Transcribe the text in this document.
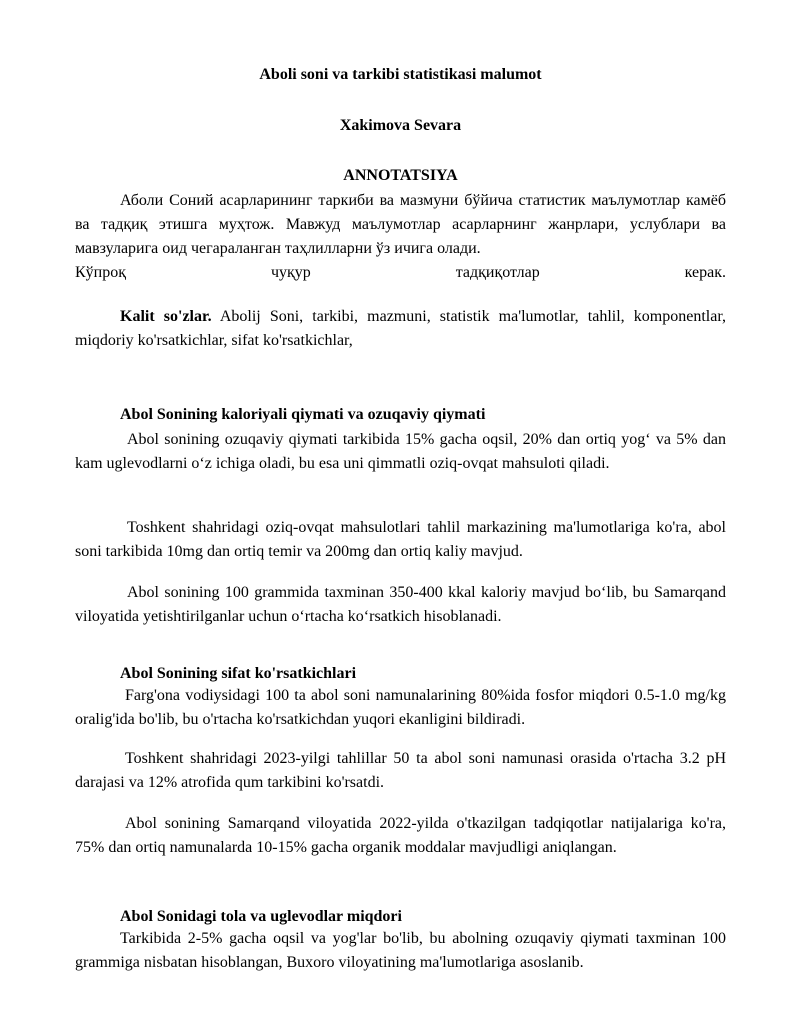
Aboli soni va tarkibi statistikasi malumot
Xakimova Sevara
ANNOTATSIYA

Аболи Соний асарларининг таркиби ва мазмуни бўйича статистик маълумотлар камёб ва тадқиқ этишга муҳтож. Мавжуд маълумотлар асарларнинг жанрлари, услублари ва мавзуларига оид чегараланган таҳлилларни ўз ичига олади.

Кўпроқ чуқур тадқиқотлар керак.

Kalit so'zlar. Abolij Soni, tarkibi, mazmuni, statistik ma'lumotlar, tahlil, komponentlar, miqdoriy ko'rsatkichlar, sifat ko'rsatkichlar,

Abol Sonining kaloriyali qiymati va ozuqaviy qiymati

Abol sonining ozuqaviy qiymati tarkibida 15% gacha oqsil, 20% dan ortiq yogʻ va 5% dan kam uglevodlarni oʻz ichiga oladi, bu esa uni qimmatli oziq-ovqat mahsuloti qiladi.

Toshkent shahridagi oziq-ovqat mahsulotlari tahlil markazining ma'lumotlariga ko'ra, abol soni tarkibida 10mg dan ortiq temir va 200mg dan ortiq kaliy mavjud.

Abol sonining 100 grammida taxminan 350-400 kkal kaloriy mavjud boʻlib, bu Samarqand viloyatida yetishtirilganlar uchun oʻrtacha koʻrsatkich hisoblanadi.

Abol Sonining sifat ko'rsatkichlari

Farg'ona vodiysidagi 100 ta abol soni namunalarining 80%ida fosfor miqdori 0.5-1.0 mg/kg oralig'ida bo'lib, bu o'rtacha ko'rsatkichdan yuqori ekanligini bildiradi.

Toshkent shahridagi 2023-yilgi tahlillar 50 ta abol soni namunasi orasida o'rtacha 3.2 pH darajasi va 12% atrofida qum tarkibini ko'rsatdi.

Abol sonining Samarqand viloyatida 2022-yilda o'tkazilgan tadqiqotlar natijalariga ko'ra, 75% dan ortiq namunalarda 10-15% gacha organik moddalar mavjudligi aniqlangan.

Abol Sonidagi tola va uglevodlar miqdori

Tarkibida 2-5% gacha oqsil va yog'lar bo'lib, bu abolning ozuqaviy qiymati taxminan 100 grammiga nisbatan hisoblangan, Buxoro viloyatining ma'lumotlariga asoslanib.
